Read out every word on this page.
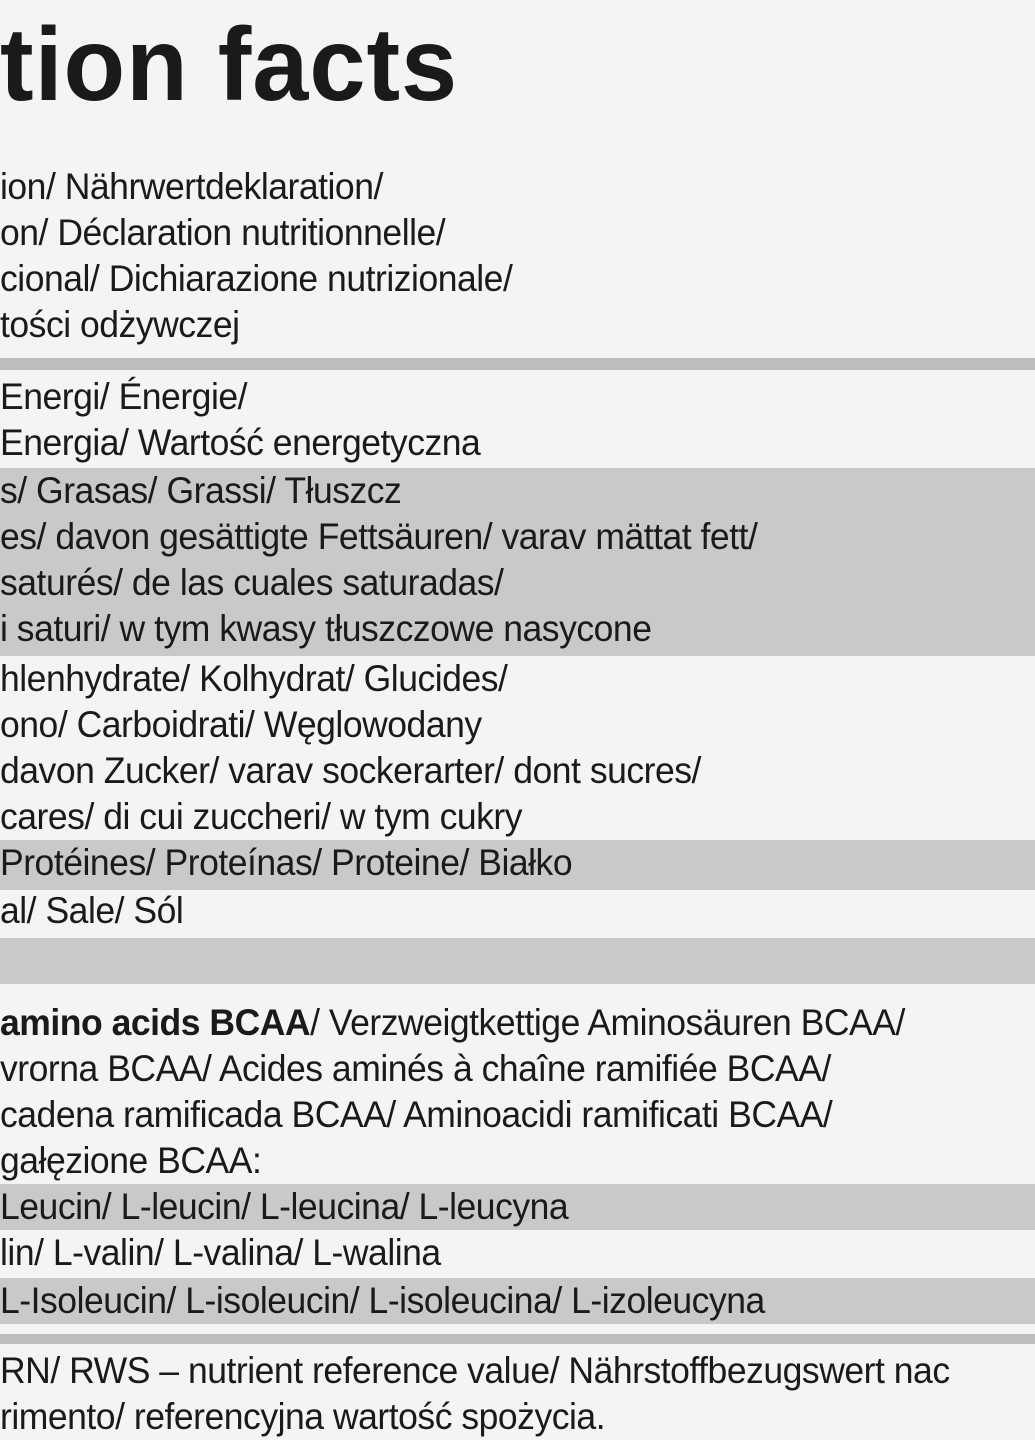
tion facts
ion/ Nährwertdeklaration/
on/ Déclaration nutritionnelle/
cional/ Dichiarazione nutrizionale/
tości odżywczej
Energi/ Énergie/
Energia/ Wartość energetyczna
s/ Grasas/ Grassi/ Tłuszcz
es/ davon gesättigte Fettsäuren/ varav mättat fett/
saturés/ de las cuales saturadas/
i saturi/ w tym kwasy tłuszczowe nasycone
hlenhydrate/ Kolhydrat/ Glucides/
ono/ Carboidrati/ Węglowodany
davon Zucker/ varav sockerarter/ dont sucres/
cares/ di cui zuccheri/ w tym cukry
Protéines/ Proteínas/ Proteine/ Białko
al/ Sale/ Sól
amino acids BCAA/ Verzweigtkettige Aminosäuren BCAA/
vrorna BCAA/ Acides aminés à chaîne ramifiée BCAA/
cadena ramificada BCAA/ Aminoacidi ramificati BCAA/
gałęzione BCAA:
Leucin/ L-leucin/ L-leucina/ L-leucyna
lin/ L-valin/ L-valina/ L-walina
L-Isoleucin/ L-isoleucin/ L-isoleucina/ L-izoleucyna
RN/ RWS – nutrient reference value/ Nährstoffbezugswert nac
rimento/ referencyjna wartość spożycia.
